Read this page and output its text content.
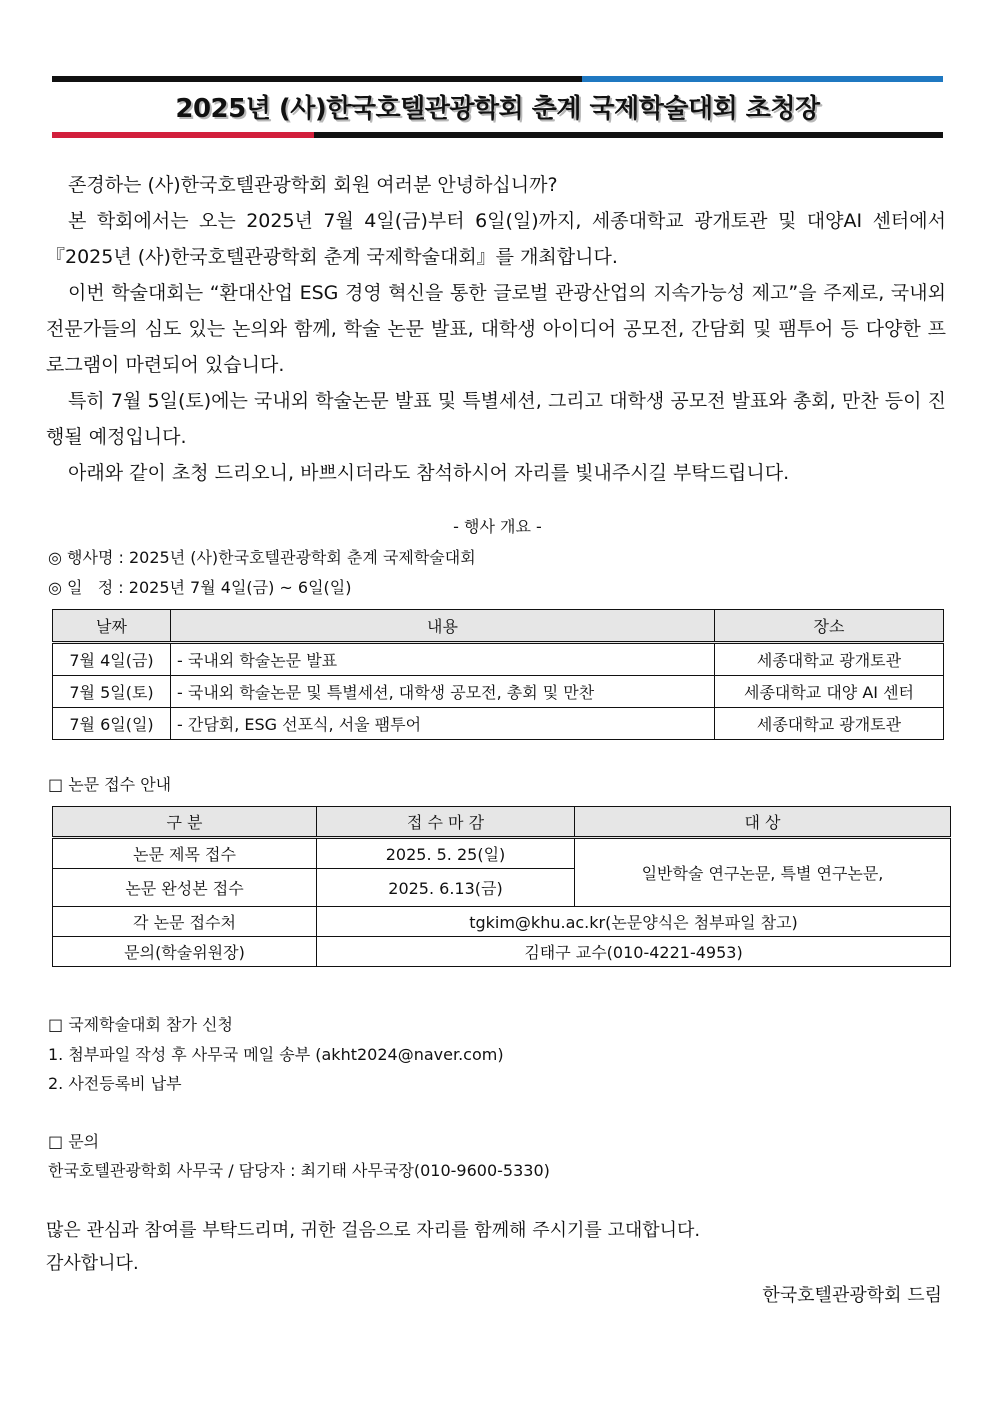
2025년 (사)한국호텔관광학회 춘계 국제학술대회 초청장

존경하는 (사)한국호텔관광학회 회원 여러분 안녕하십니까?

본 학회에서는 오는 2025년 7월 4일(금)부터 6일(일)까지, 세종대학교 광개토관 및 대양AI 센터에서『2025년 (사)한국호텔관광학회 춘계 국제학술대회』를 개최합니다.

이번 학술대회는 “환대산업 ESG 경영 혁신을 통한 글로벌 관광산업의 지속가능성 제고”을 주제로, 국내외 전문가들의 심도 있는 논의와 함께, 학술 논문 발표, 대학생 아이디어 공모전, 간담회 및 팸투어 등 다양한 프로그램이 마련되어 있습니다.

특히 7월 5일(토)에는 국내외 학술논문 발표 및 특별세션, 그리고 대학생 공모전 발표와 총회, 만찬 등이 진행될 예정입니다.

아래와 같이 초청 드리오니, 바쁘시더라도 참석하시어 자리를 빛내주시길 부탁드립니다.

- 행사 개요 -
◎ 행사명 : 2025년 (사)한국호텔관광학회 춘계 국제학술대회
◎ 일   정 : 2025년 7월 4일(금) ~ 6일(일)
날짜	내용	장소
7월 4일(금)	- 국내외 학술논문 발표	세종대학교 광개토관
7월 5일(토)	- 국내외 학술논문 및 특별세션, 대학생 공모전, 총회 및 만찬	세종대학교 대양 AI 센터
7월 6일(일)	- 간담회, ESG 선포식, 서울 팸투어	세종대학교 광개토관
□ 논문 접수 안내
구 분	접 수 마 감	대 상
논문 제목 접수	2025. 5. 25(일)	일반학술 연구논문, 특별 연구논문,
논문 완성본 접수	2025. 6.13(금)	
각 논문 접수처	tgkim@khu.ac.kr(논문양식은 첨부파일 참고)	
문의(학술위원장)	김태구 교수(010-4221-4953)	
□ 국제학술대회 참가 신청
1. 첨부파일 작성 후 사무국 메일 송부 (akht2024@naver.com)
2. 사전등록비 납부
□ 문의
한국호텔관광학회 사무국 / 담당자 : 최기태 사무국장(010-9600-5330)
많은 관심과 참여를 부탁드리며, 귀한 걸음으로 자리를 함께해 주시기를 고대합니다.
감사합니다.
한국호텔관광학회 드림
